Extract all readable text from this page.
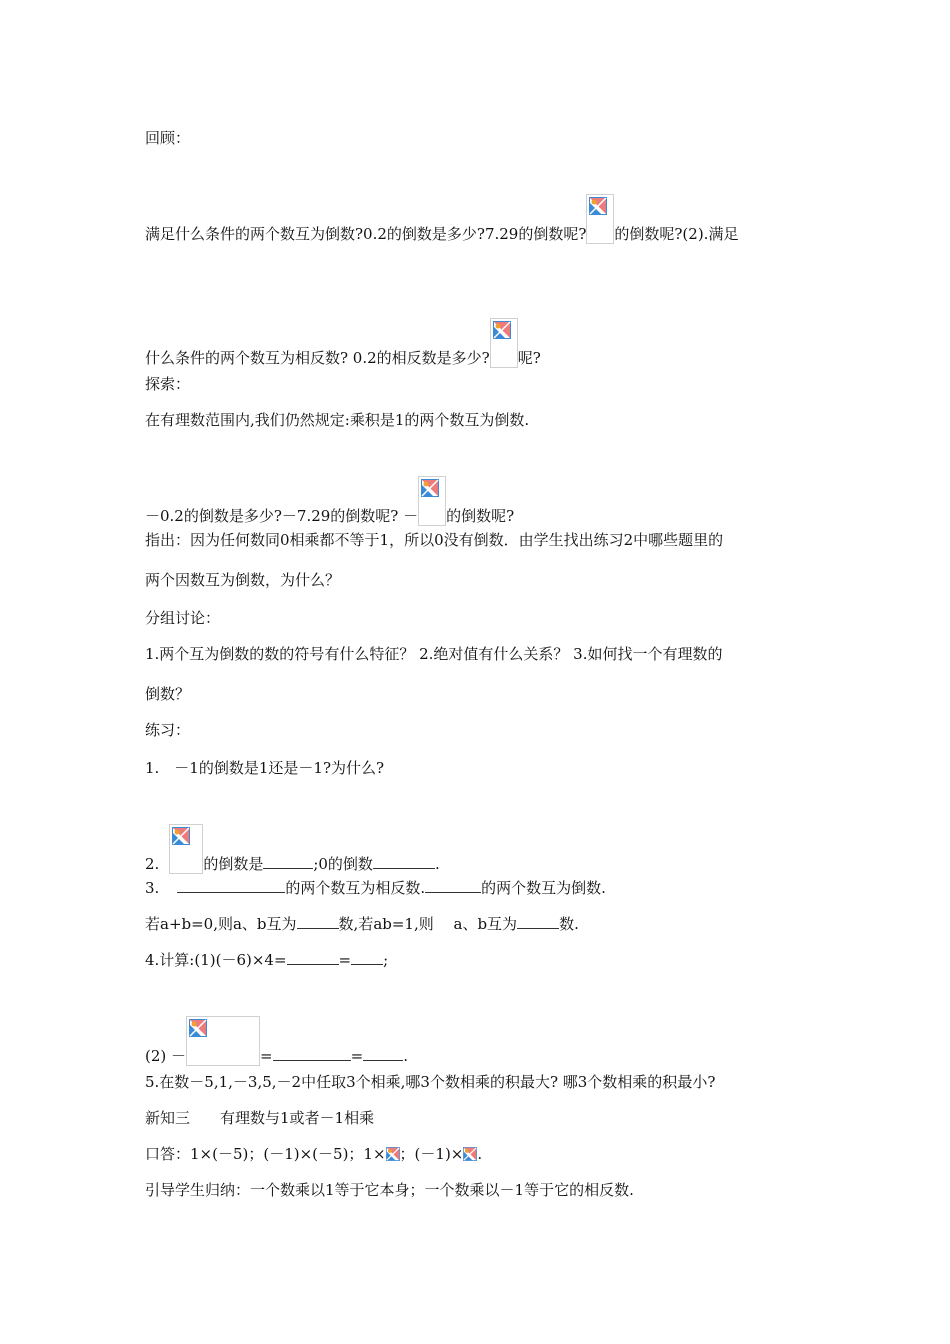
回顾：
满足什么条件的两个数互为倒数?0.2的倒数是多少?7.29的倒数呢? 的倒数呢?(2).满足
什么条件的两个数互为相反数? 0.2的相反数是多少? 呢?
探索：
在有理数范围内,我们仍然规定:乘积是1的两个数互为倒数.
－0.2的倒数是多少?－7.29的倒数呢? － 的倒数呢?
指出：因为任何数同0相乘都不等于1，所以0没有倒数．由学生找出练习2中哪些题里的
两个因数互为倒数，为什么？
分组讨论：
1.两个互为倒数的数的符号有什么特征？ 2.绝对值有什么关系？ 3.如何找一个有理数的
倒数？
练习：
1.　－1的倒数是1还是－1?为什么?
2.	的倒数是	;0的倒数	.
3.	的两个数互为相反数.	的两个数互为倒数.
若a+b=0,则a、b互为	数,若ab=1,则　 a、b互为	数.
4.计算:(1)(－6)×4=	= ;
(2) －	=	=	.
5.在数－5,1,－3,5,－2中任取3个相乘,哪3个数相乘的积最大? 哪3个数相乘的积最小?
新知三　　有理数与1或者－1相乘
口答：1×(－5)；(－1)×(－5)；1× ；(－1)× .
引导学生归纳：一个数乘以1等于它本身；一个数乘以－1等于它的相反数.
